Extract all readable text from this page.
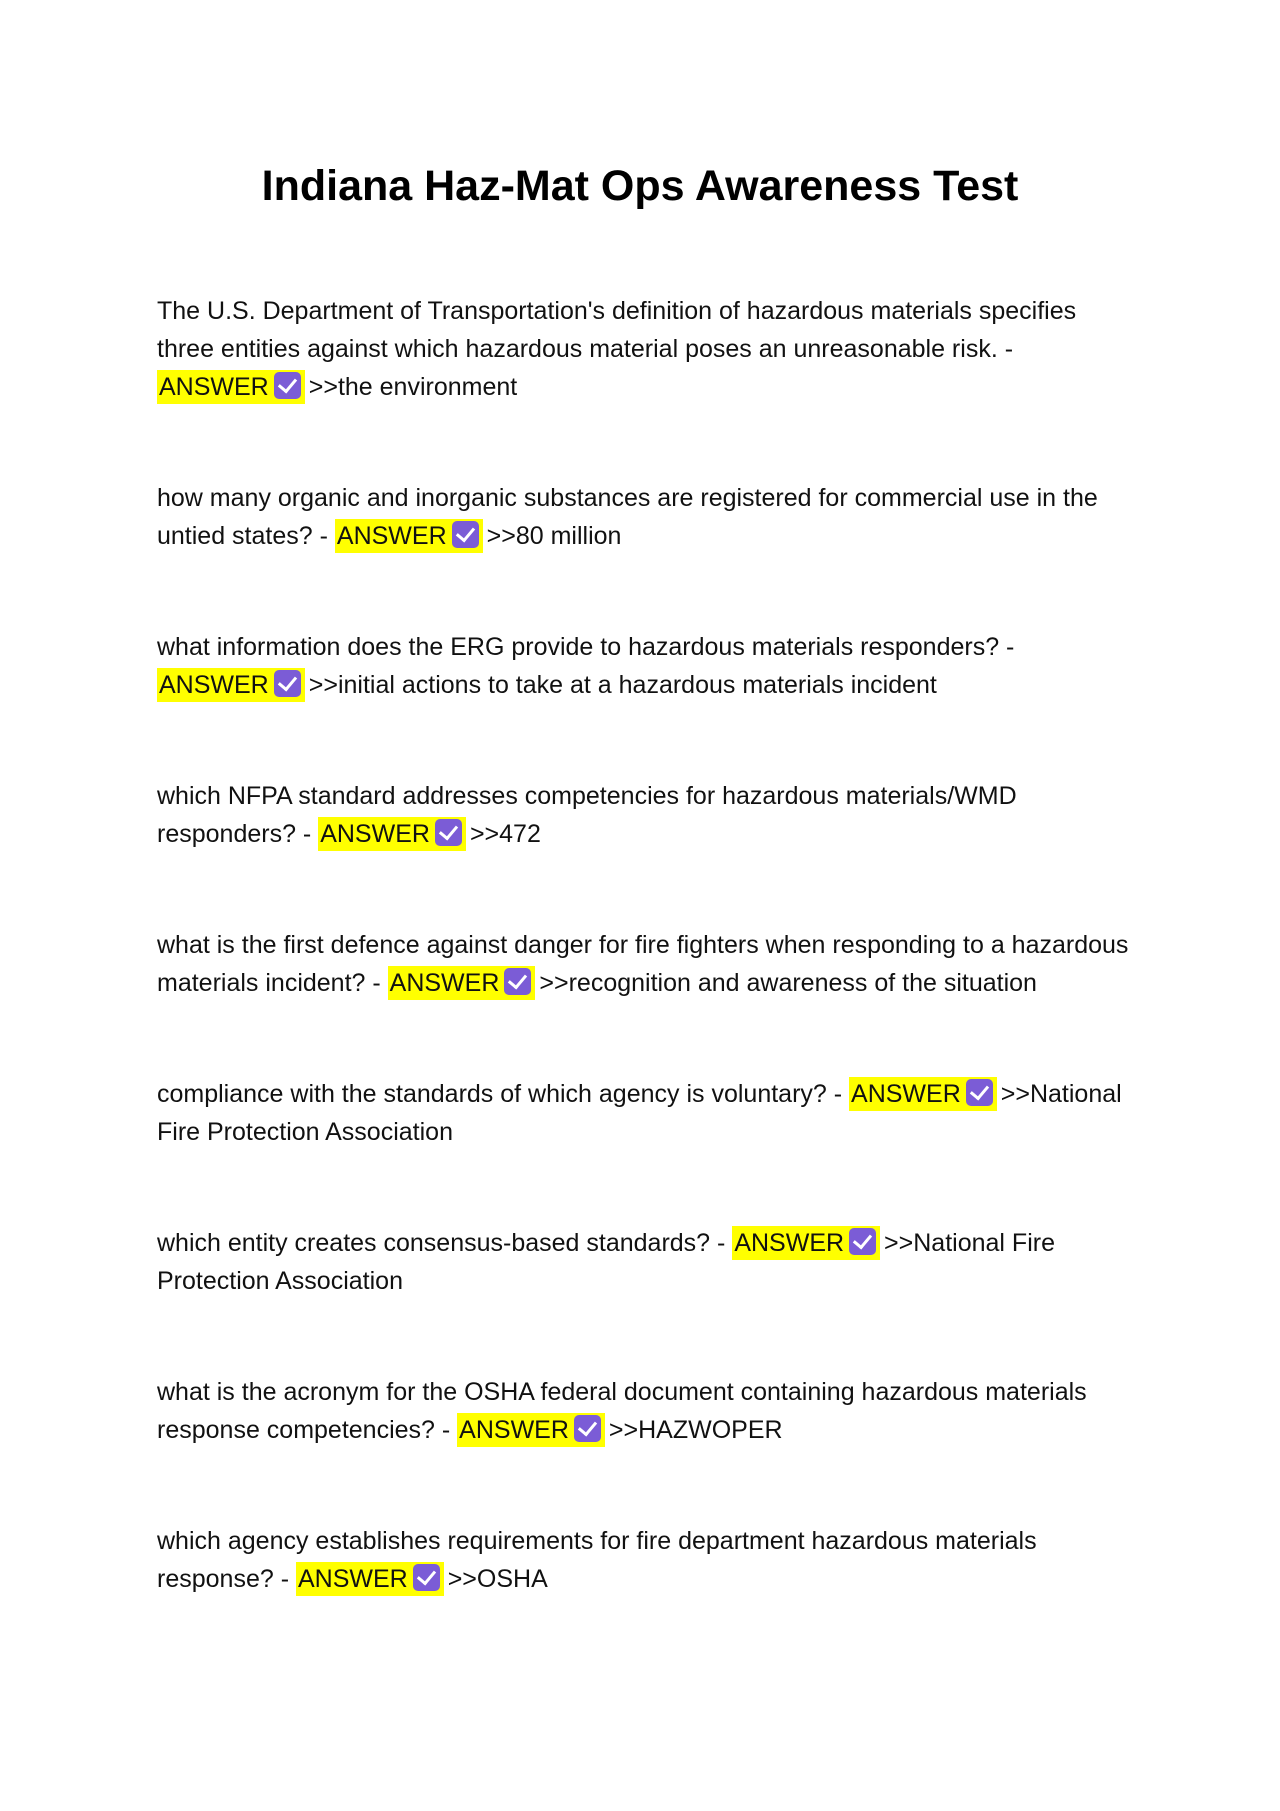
Indiana Haz-Mat Ops Awareness Test

The U.S. Department of Transportation's definition of hazardous materials specifies three entities against which hazardous material poses an unreasonable risk. - ANSWER >>the environment

how many organic and inorganic substances are registered for commercial use in the untied states? - ANSWER >>80 million

what information does the ERG provide to hazardous materials responders? - ANSWER >>initial actions to take at a hazardous materials incident

which NFPA standard addresses competencies for hazardous materials/WMD responders? - ANSWER >>472

what is the first defence against danger for fire fighters when responding to a hazardous materials incident? - ANSWER >>recognition and awareness of the situation

compliance with the standards of which agency is voluntary? - ANSWER >>National Fire Protection Association

which entity creates consensus-based standards? - ANSWER >>National Fire Protection Association

what is the acronym for the OSHA federal document containing hazardous materials response competencies? - ANSWER >>HAZWOPER

which agency establishes requirements for fire department hazardous materials response? - ANSWER >>OSHA
